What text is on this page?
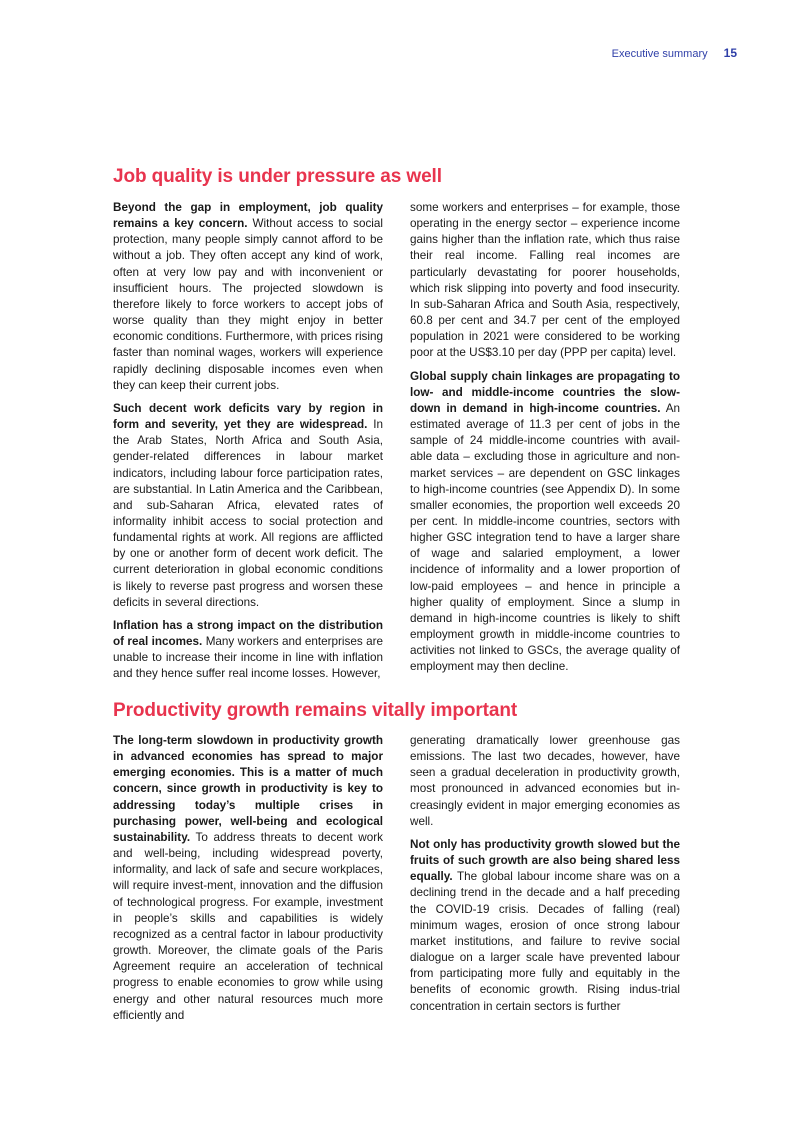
Executive summary 15
Job quality is under pressure as well

Beyond the gap in employment, job quality remains a key concern. Without access to social protection, many people simply cannot afford to be without a job. They often accept any kind of work, often at very low pay and with inconvenient or insufficient hours. The projected slowdown is therefore likely to force workers to accept jobs of worse quality than they might enjoy in better economic conditions. Furthermore, with prices rising faster than nominal wages, workers will experience rapidly declining disposable incomes even when they can keep their current jobs.

Such decent work deficits vary by region in form and severity, yet they are widespread. In the Arab States, North Africa and South Asia, gender-related differences in labour market indicators, including labour force participation rates, are substantial. In Latin America and the Caribbean, and sub-Saharan Africa, elevated rates of informality inhibit access to social protection and fundamental rights at work. All regions are afflicted by one or another form of decent work deficit. The current deterioration in global economic conditions is likely to reverse past progress and worsen these deficits in several directions.

Inflation has a strong impact on the distribution of real incomes. Many workers and enterprises are unable to increase their income in line with inflation and they hence suffer real income losses. However,

some workers and enterprises – for example, those operating in the energy sector – experience income gains higher than the inflation rate, which thus raise their real income. Falling real incomes are particularly devastating for poorer households, which risk slipping into poverty and food insecurity. In sub-Saharan Africa and South Asia, respectively, 60.8 per cent and 34.7 per cent of the employed population in 2021 were considered to be working poor at the US$3.10 per day (PPP per capita) level.

Global supply chain linkages are propagating to low- and middle-income countries the slow-down in demand in high-income countries. An estimated average of 11.3 per cent of jobs in the sample of 24 middle-income countries with avail-able data – excluding those in agriculture and non-market services – are dependent on GSC linkages to high-income countries (see Appendix D). In some smaller economies, the proportion well exceeds 20 per cent. In middle-income countries, sectors with higher GSC integration tend to have a larger share of wage and salaried employment, a lower incidence of informality and a lower proportion of low-paid employees – and hence in principle a higher quality of employment. Since a slump in demand in high-income countries is likely to shift employment growth in middle-income countries to activities not linked to GSCs, the average quality of employment may then decline.

Productivity growth remains vitally important

The long-term slowdown in productivity growth in advanced economies has spread to major emerging economies. This is a matter of much concern, since growth in productivity is key to addressing today’s multiple crises in purchasing power, well-being and ecological sustainability. To address threats to decent work and well-being, including widespread poverty, informality, and lack of safe and secure workplaces, will require invest-ment, innovation and the diffusion of technological progress. For example, investment in people’s skills and capabilities is widely recognized as a central factor in labour productivity growth. Moreover, the climate goals of the Paris Agreement require an acceleration of technical progress to enable economies to grow while using energy and other natural resources much more efficiently and

generating dramatically lower greenhouse gas emissions. The last two decades, however, have seen a gradual deceleration in productivity growth, most pronounced in advanced economies but in-creasingly evident in major emerging economies as well.

Not only has productivity growth slowed but the fruits of such growth are also being shared less equally. The global labour income share was on a declining trend in the decade and a half preceding the COVID-19 crisis. Decades of falling (real) minimum wages, erosion of once strong labour market institutions, and failure to revive social dialogue on a larger scale have prevented labour from participating more fully and equitably in the benefits of economic growth. Rising indus-trial concentration in certain sectors is further
